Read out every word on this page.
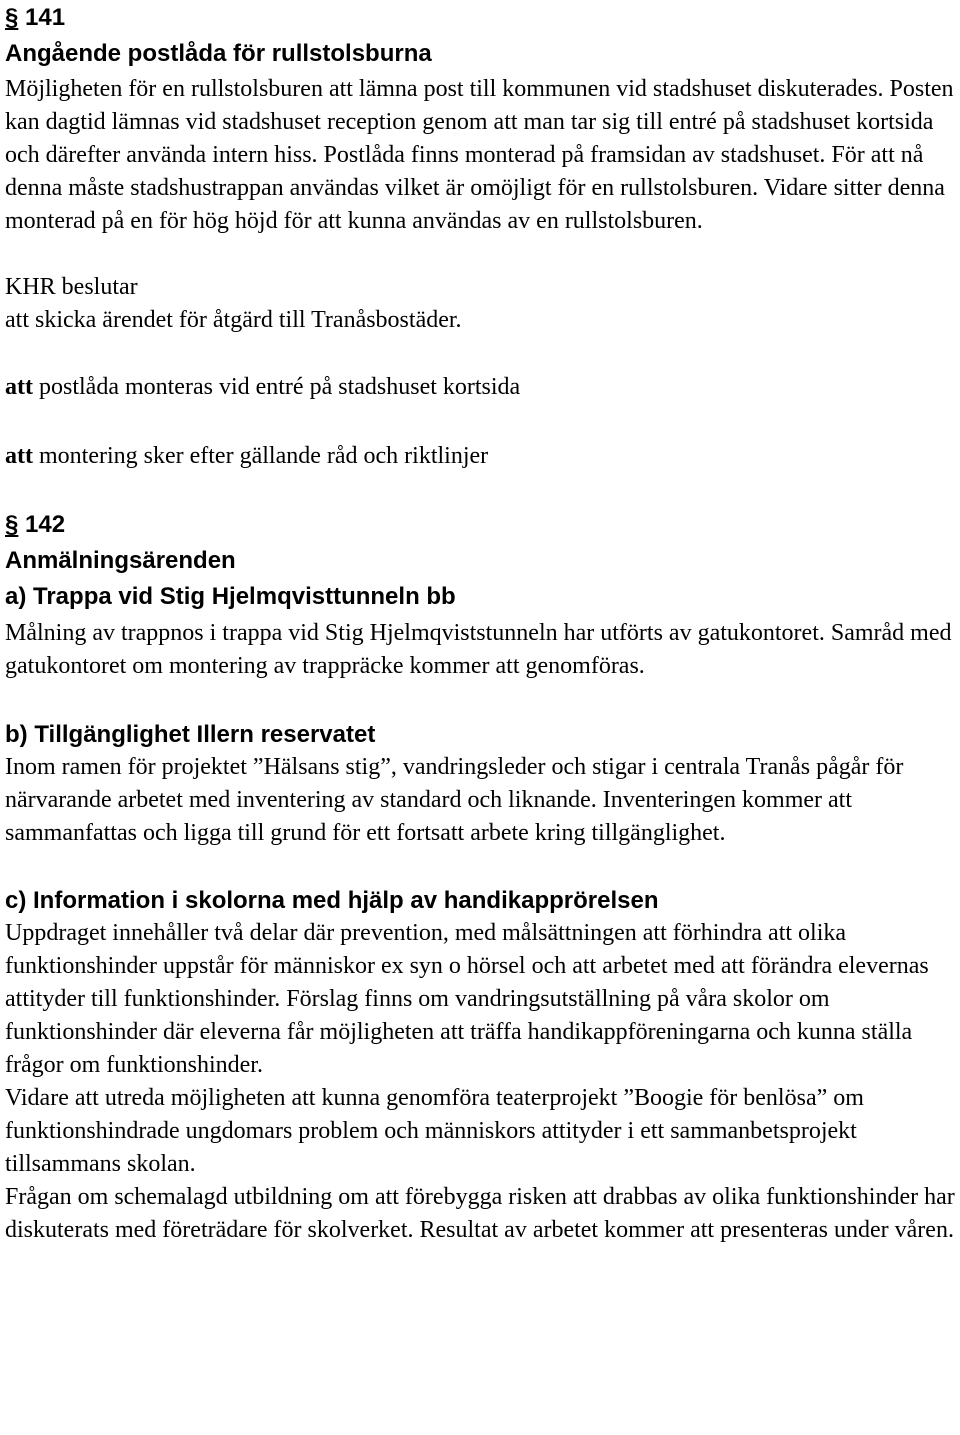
§ 141
Angående postlåda för rullstolsburna

Möjligheten för en rullstolsburen att lämna post till kommunen vid stadshuset diskuterades. Posten kan dagtid lämnas vid stadshuset reception genom att man tar sig till entré på stadshuset kortsida och därefter använda intern hiss. Postlåda finns monterad på framsidan av stadshuset. För att nå denna måste stadshustrappan användas vilket är omöjligt för en rullstolsburen. Vidare sitter denna monterad på en för hög höjd för att kunna användas av en rullstolsburen.

KHR beslutar

att skicka ärendet för åtgärd till Tranåsbostäder.

att postlåda monteras vid entré på stadshuset kortsida

att montering sker efter gällande råd och riktlinjer

§ 142
Anmälningsärenden
a) Trappa vid Stig Hjelmqvisttunneln bb

Målning av trappnos i trappa vid Stig Hjelmqviststunneln har utförts av gatukontoret. Samråd med gatukontoret om montering av trappräcke kommer att genomföras.

b) Tillgänglighet Illern reservatet

Inom ramen för projektet ”Hälsans stig”, vandringsleder och stigar i centrala Tranås pågår för närvarande arbetet med inventering av standard och liknande. Inventeringen kommer att sammanfattas och ligga till grund för ett fortsatt arbete kring tillgänglighet.

c) Information i skolorna med hjälp av handikapprörelsen

Uppdraget innehåller två delar där prevention, med målsättningen att förhindra att olika funktionshinder uppstår för människor ex syn o hörsel och att arbetet med att förändra elevernas attityder till funktionshinder. Förslag finns om vandringsutställning på våra skolor om funktionshinder där eleverna får möjligheten att träffa handikappföreningarna och kunna ställa frågor om funktionshinder.

Vidare att utreda möjligheten att kunna genomföra teaterprojekt ”Boogie för benlösa” om funktionshindrade ungdomars problem och människors attityder i ett sammanbetsprojekt tillsammans skolan.

Frågan om schemalagd utbildning om att förebygga risken att drabbas av olika funktionshinder har diskuterats med företrädare för skolverket. Resultat av arbetet kommer att presenteras under våren.
